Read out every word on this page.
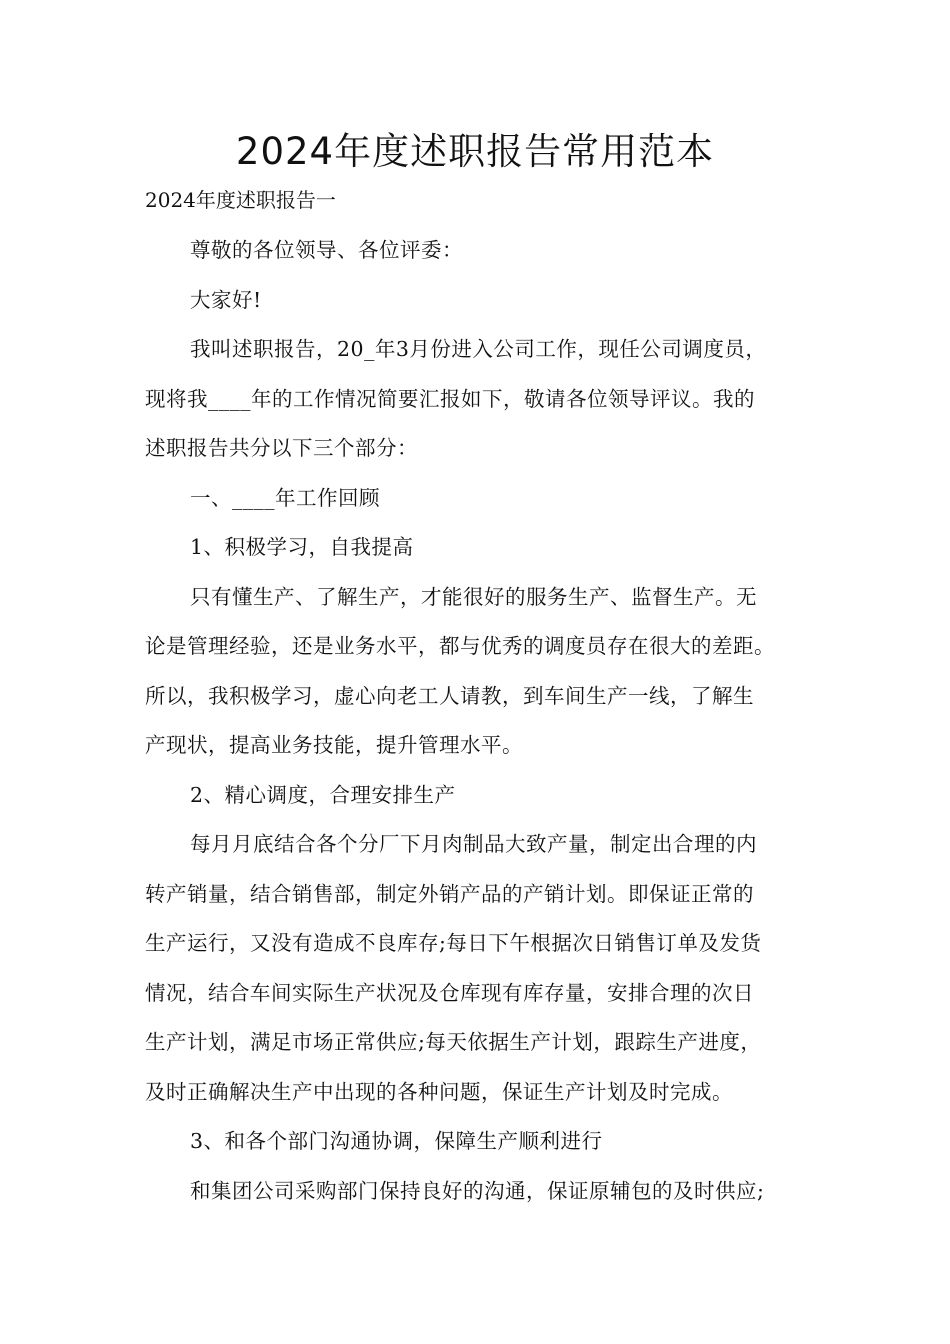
2024年度述职报告常用范本

2024年度述职报告一

尊敬的各位领导、各位评委：
大家好!
我叫述职报告，20_年3月份进入公司工作，现任公司调度员，
现将我____年的工作情况简要汇报如下，敬请各位领导评议。我的
述职报告共分以下三个部分：
一、____年工作回顾
1、积极学习，自我提高
只有懂生产、了解生产，才能很好的服务生产、监督生产。无
论是管理经验，还是业务水平，都与优秀的调度员存在很大的差距。
所以，我积极学习，虚心向老工人请教，到车间生产一线，了解生
产现状，提高业务技能，提升管理水平。
2、精心调度，合理安排生产
每月月底结合各个分厂下月肉制品大致产量，制定出合理的内
转产销量，结合销售部，制定外销产品的产销计划。即保证正常的
生产运行，又没有造成不良库存;每日下午根据次日销售订单及发货
情况，结合车间实际生产状况及仓库现有库存量，安排合理的次日
生产计划，满足市场正常供应;每天依据生产计划，跟踪生产进度，
及时正确解决生产中出现的各种问题，保证生产计划及时完成。
3、和各个部门沟通协调，保障生产顺利进行
和集团公司采购部门保持良好的沟通，保证原辅包的及时供应;
